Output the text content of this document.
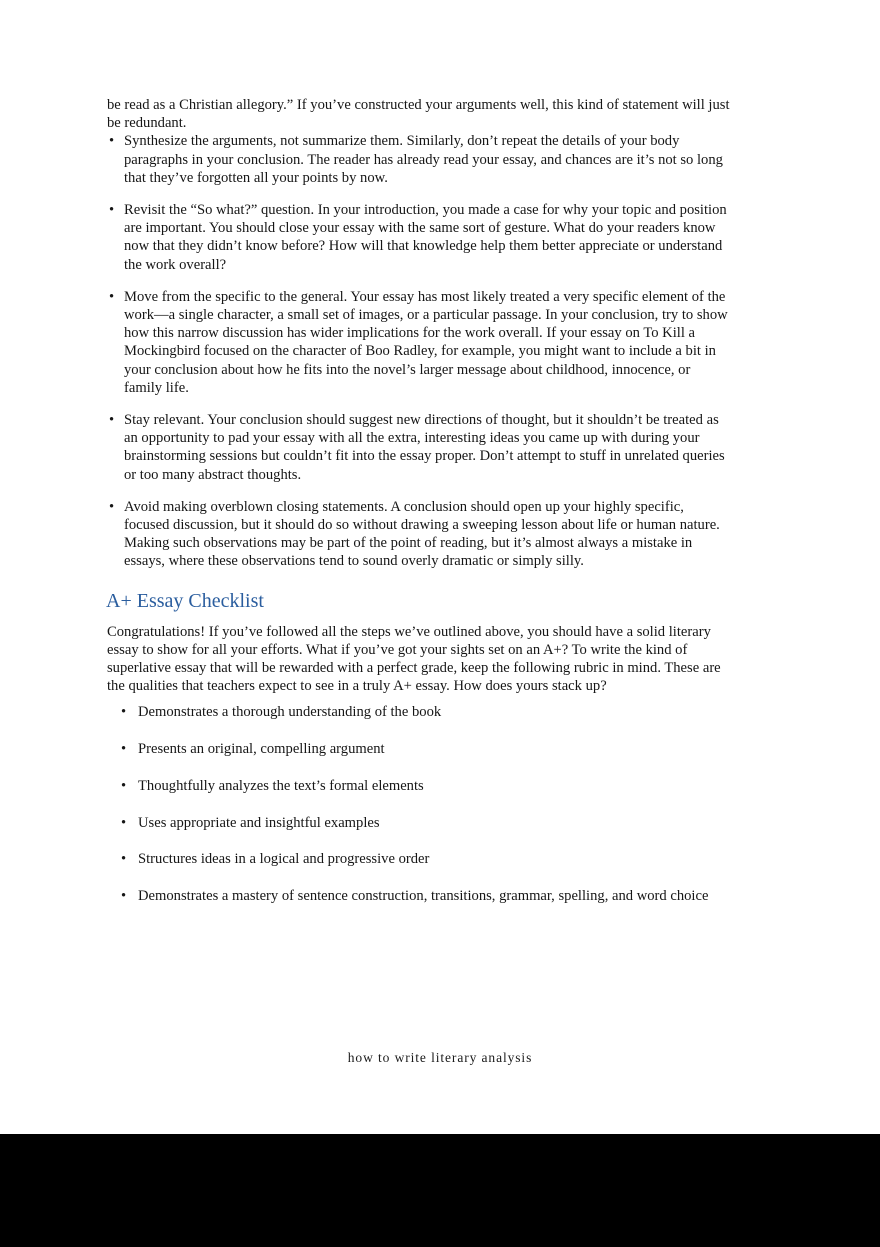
be read as a Christian allegory.” If you’ve constructed your arguments well, this kind of statement will just be redundant.

• Synthesize the arguments, not summarize them. Similarly, don’t repeat the details of your body paragraphs in your conclusion. The reader has already read your essay, and chances are it’s not so long that they’ve forgotten all your points by now.
• Revisit the “So what?” question. In your introduction, you made a case for why your topic and position are important. You should close your essay with the same sort of gesture. What do your readers know now that they didn’t know before? How will that knowledge help them better appreciate or understand the work overall?
• Move from the specific to the general. Your essay has most likely treated a very specific element of the work—a single character, a small set of images, or a particular passage. In your conclusion, try to show how this narrow discussion has wider implications for the work overall. If your essay on To Kill a Mockingbird focused on the character of Boo Radley, for example, you might want to include a bit in your conclusion about how he fits into the novel’s larger message about childhood, innocence, or family life.
• Stay relevant. Your conclusion should suggest new directions of thought, but it shouldn’t be treated as an opportunity to pad your essay with all the extra, interesting ideas you came up with during your brainstorming sessions but couldn’t fit into the essay proper. Don’t attempt to stuff in unrelated queries or too many abstract thoughts.
• Avoid making overblown closing statements. A conclusion should open up your highly specific, focused discussion, but it should do so without drawing a sweeping lesson about life or human nature. Making such observations may be part of the point of reading, but it’s almost always a mistake in essays, where these observations tend to sound overly dramatic or simply silly.
A+ Essay Checklist

Congratulations! If you’ve followed all the steps we’ve outlined above, you should have a solid literary essay to show for all your efforts. What if you’ve got your sights set on an A+? To write the kind of superlative essay that will be rewarded with a perfect grade, keep the following rubric in mind. These are the qualities that teachers expect to see in a truly A+ essay. How does yours stack up?

• Demonstrates a thorough understanding of the book
• Presents an original, compelling argument
• Thoughtfully analyzes the text’s formal elements
• Uses appropriate and insightful examples
• Structures ideas in a logical and progressive order
• Demonstrates a mastery of sentence construction, transitions, grammar, spelling, and word choice
how to write literary analysis
